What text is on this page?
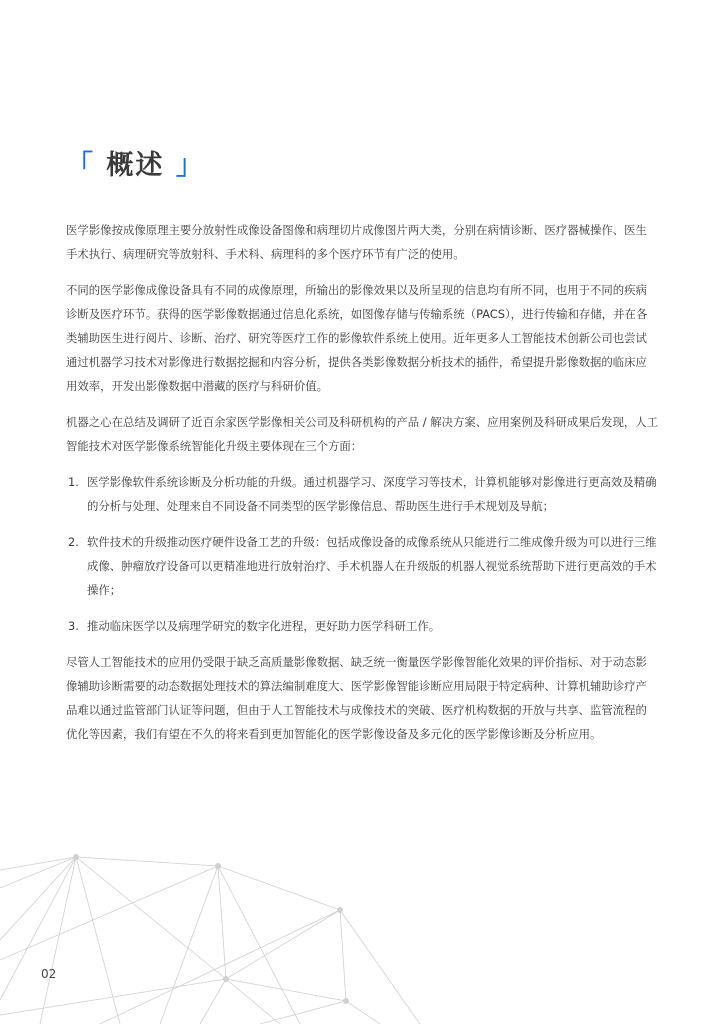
「 概述 」

医学影像按成像原理主要分放射性成像设备图像和病理切片成像图片两大类，分别在病情诊断、医疗器械操作、医生手术执行、病理研究等放射科、手术科、病理科的多个医疗环节有广泛的使用。

不同的医学影像成像设备具有不同的成像原理，所输出的影像效果以及所呈现的信息均有所不同，也用于不同的疾病诊断及医疗环节。获得的医学影像数据通过信息化系统，如图像存储与传输系统（PACS），进行传输和存储，并在各类辅助医生进行阅片、诊断、治疗、研究等医疗工作的影像软件系统上使用。近年更多人工智能技术创新公司也尝试通过机器学习技术对影像进行数据挖掘和内容分析，提供各类影像数据分析技术的插件，希望提升影像数据的临床应用效率，开发出影像数据中潜藏的医疗与科研价值。

机器之心在总结及调研了近百余家医学影像相关公司及科研机构的产品 / 解决方案、应用案例及科研成果后发现，人工智能技术对医学影像系统智能化升级主要体现在三个方面：

1. 医学影像软件系统诊断及分析功能的升级。通过机器学习、深度学习等技术，计算机能够对影像进行更高效及精确的分析与处理、处理来自不同设备不同类型的医学影像信息、帮助医生进行手术规划及导航；
2. 软件技术的升级推动医疗硬件设备工艺的升级：包括成像设备的成像系统从只能进行二维成像升级为可以进行三维成像、肿瘤放疗设备可以更精准地进行放射治疗、手术机器人在升级版的机器人视觉系统帮助下进行更高效的手术操作；
3. 推动临床医学以及病理学研究的数字化进程，更好助力医学科研工作。

尽管人工智能技术的应用仍受限于缺乏高质量影像数据、缺乏统一衡量医学影像智能化效果的评价指标、对于动态影像辅助诊断需要的动态数据处理技术的算法编制难度大、医学影像智能诊断应用局限于特定病种、计算机辅助诊疗产品难以通过监管部门认证等问题，但由于人工智能技术与成像技术的突破、医疗机构数据的开放与共享、监管流程的优化等因素，我们有望在不久的将来看到更加智能化的医学影像设备及多元化的医学影像诊断及分析应用。

02
